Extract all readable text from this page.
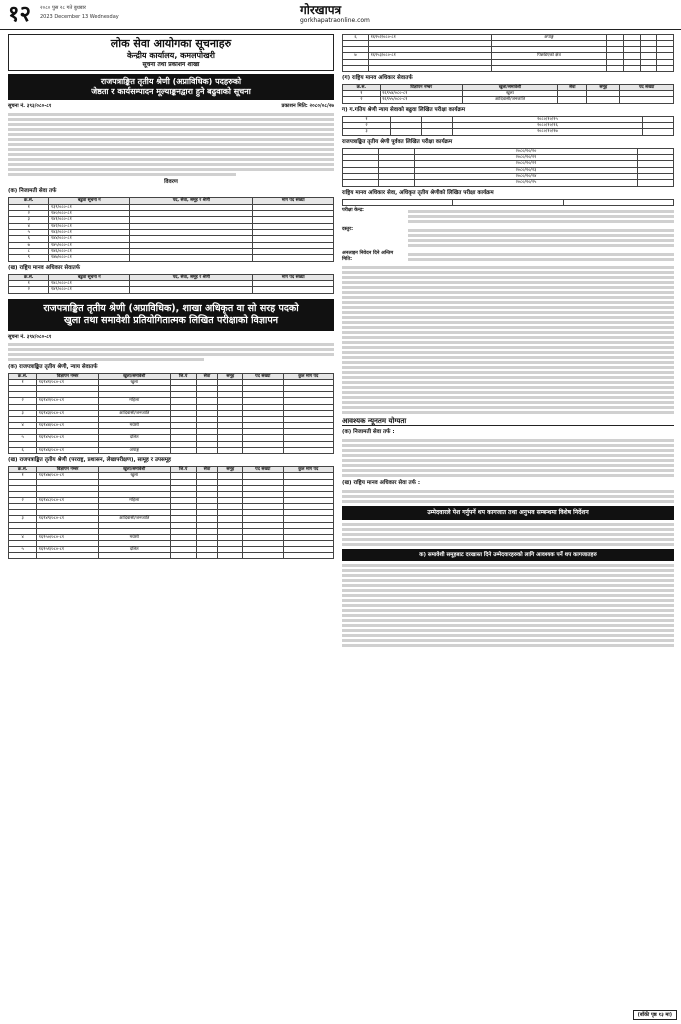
१२ २०८० पुस २८ गते बुधबार
2023 December 13 Wednesday	गोरखापत्र
gorkhapatraonline.com
लोक सेवा आयोगका सूचनाहरु
केन्द्रीय कार्यालय, कमलपोखरी
सूचना तथा प्रकाशन शाखा
राजपत्राङ्कित तृतीय श्रेणी (अप्राविधिक) पदहरुको
जेष्ठता र कार्यसम्पादन मूल्याङ्कनद्वारा हुने बढुवाको सूचना
सूचना नं. ३९३/०८०-८१	प्रकाशन मिति: २०८०/०८/२७
विवरण
(क) निजामती सेवा तर्फ
क्र.सं.	बढुवा सूचना नं	पद, सेवा, समूह र श्रेणी	माग पद संख्या
१	१३९/०८०-८१		
२	१४०/०८०-८१		
३	१४१/०८०-८१		
४	१४२/०८०-८१		
५	१४३/०८०-८१		
६	१४४/०८०-८१		
७	१४५/०८०-८१		
८	१४६/०८०-८१		
९	१४७/०८०-८१		
(ख) राष्ट्रिय मानव अधिकार सेवातर्फ
क्र.सं.	बढुवा सूचना नं	पद, सेवा, समूह र श्रेणी	माग पद संख्या
१	१४८/०८०-८१		
२	१४९/०८०-८१		
राजपत्राङ्कित तृतीय श्रेणी (अप्राविधिक), शाखा अधिकृत वा सो सरह पदको
खुला तथा समावेशी प्रतियोगितात्मक लिखित परीक्षाको विज्ञापन
सूचना नं. ३९४/०८०-८१
(क) राजपत्राङ्कित तृतीय श्रेणी, न्याय सेवातर्फ
क्र.सं.	विज्ञापन नम्बर	खुला/समावेशी	जि.पं	सेवा	समूह	पद संख्या	कुल माग पद
१	१६९४१/०८०-८१	खुला					

२	१६९४२/०८०-८१	महिला					

३	१६९४३/०८०-८१	आदिवासी/जनजाति					

४	१६९४४/०८०-८१	मधेशी					

५	१६९४५/०८०-८१	दलित					

६	१६९४६/०८०-८१	अपाङ्ग					
(ख) राजपत्राङ्कित तृतीय श्रेणी (परराष्ट्र, प्रशासन, लेखापरीक्षण), सामूह र उपसमूह
क्र.सं.	विज्ञापन नम्बर	खुला/समावेशी	जि.पं	सेवा	समूह	पद संख्या	कुल माग पद
१	१६९४७/०८०-८१	खुला					

२	१६९४८/०८०-८१	महिला					

३	१६९४९/०८०-८१	आदिवासी/जनजाति					

४	१६९५०/०८०-८१	मधेशी					

५	१६९५१/०८०-८१	दलित					

६	१६९५२/०८०-८१	अपाङ्ग				

७	१६९५३/०८०-८१	पिछडिएको क्षेत्र				

(ग) राष्ट्रिय मानव अधिकार सेवातर्फ
क्र.सं.	विज्ञापन नम्बर	खुला/समावेशी	सेवा	समूह	पद संख्या
१	१६९५४/०८०-८१	खुला			
२	१६९५५/०८०-८१	आदिवासी/जनजाति			
ग) ग.गतिय श्रेणी न्याय सेवाको बढुवा लिखित परीक्षा कार्यक्रम
१			२०८०/१०/१५	
२			२०८०/१०/१६	
३			२०८०/१०/१७	
राजपत्राङ्कित तृतीय श्रेणी पूर्ववत लिखित परीक्षा कार्यक्रम
		२०८०/१०/२०	
		२०८०/१०/२१	
		२०८०/१०/२२	
		२०८०/१०/२३	
		२०८०/१०/२४	
		२०८०/१०/२५	
राष्ट्रिय मानव अधिकार सेवा, अधिकृत तृतीय श्रेणीको लिखित परीक्षा कार्यक्रम

परीक्षा केन्द्र:
दस्तुर:
अनलाइन निवेदन दिने अन्तिम मिति:
आवश्यक न्यूनतम योग्यता
(क) निजामती सेवा तर्फ :
(ख) राष्ट्रिय मानव अधिकार सेवा तर्फ :
उम्मेदवारले पेश गर्नुपर्ने थप कागजात तथा अनुभव सम्बन्धमा विशेष निर्देशन
क) समावेशी समूहबाट दरखास्त दिने उम्मेदवारहरुको लागि आवश्यक पर्ने थप कागजातहरु
(बाँकी पृष्ठ १३ मा)
